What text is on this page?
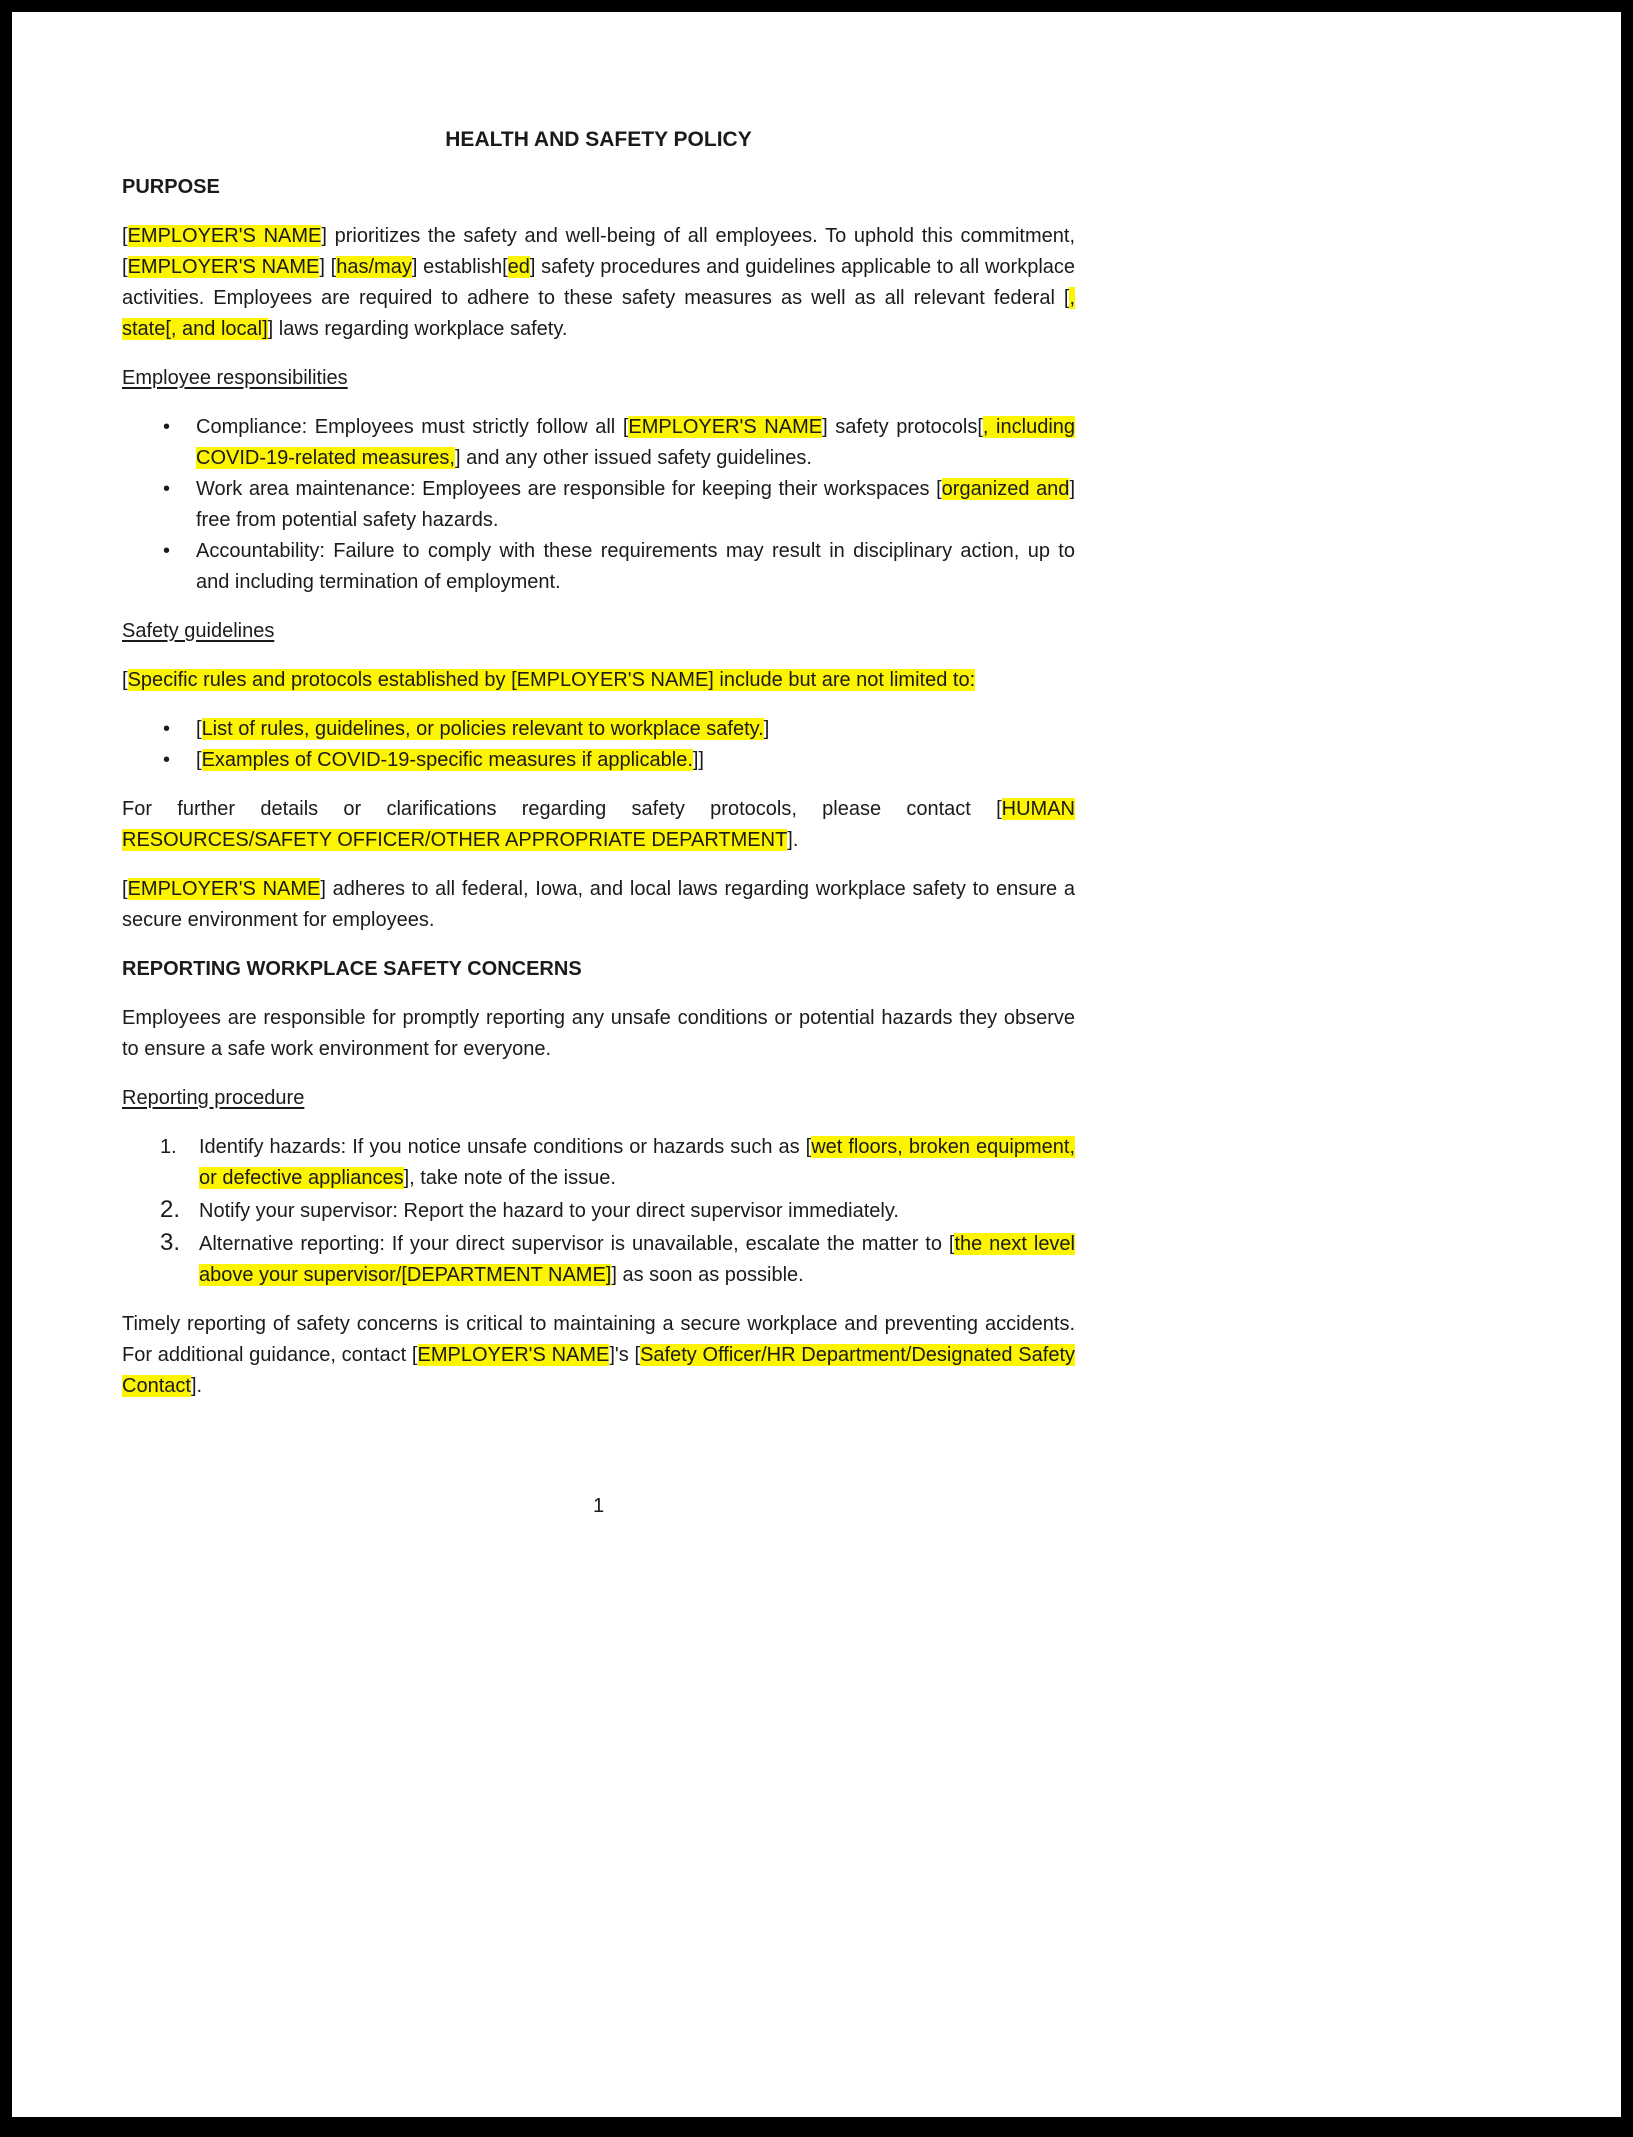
HEALTH AND SAFETY POLICY
PURPOSE
[EMPLOYER'S NAME] prioritizes the safety and well-being of all employees. To uphold this commitment, [EMPLOYER'S NAME] [has/may] establish[ed] safety procedures and guidelines applicable to all workplace activities. Employees are required to adhere to these safety measures as well as all relevant federal [, state[, and local]] laws regarding workplace safety.
Employee responsibilities
•	Compliance: Employees must strictly follow all [EMPLOYER'S NAME] safety protocols[, including COVID-19-related measures,] and any other issued safety guidelines.
•	Work area maintenance: Employees are responsible for keeping their workspaces [organized and] free from potential safety hazards.
•	Accountability: Failure to comply with these requirements may result in disciplinary action, up to and including termination of employment.
Safety guidelines
[Specific rules and protocols established by [EMPLOYER'S NAME] include but are not limited to:
•	[List of rules, guidelines, or policies relevant to workplace safety.]
•	[Examples of COVID-19-specific measures if applicable.]]
For further details or clarifications regarding safety protocols, please contact [HUMAN RESOURCES/SAFETY OFFICER/OTHER APPROPRIATE DEPARTMENT].
[EMPLOYER'S NAME] adheres to all federal, Iowa, and local laws regarding workplace safety to ensure a secure environment for employees.
REPORTING WORKPLACE SAFETY CONCERNS
Employees are responsible for promptly reporting any unsafe conditions or potential hazards they observe to ensure a safe work environment for everyone.
Reporting procedure
1.	Identify hazards: If you notice unsafe conditions or hazards such as [wet floors, broken equipment, or defective appliances], take note of the issue.
2. Notify your supervisor: Report the hazard to your direct supervisor immediately.
3. Alternative reporting: If your direct supervisor is unavailable, escalate the matter to [the next level above your supervisor/[DEPARTMENT NAME]] as soon as possible.
Timely reporting of safety concerns is critical to maintaining a secure workplace and preventing accidents. For additional guidance, contact [EMPLOYER'S NAME]'s [Safety Officer/HR Department/Designated Safety Contact].
1
